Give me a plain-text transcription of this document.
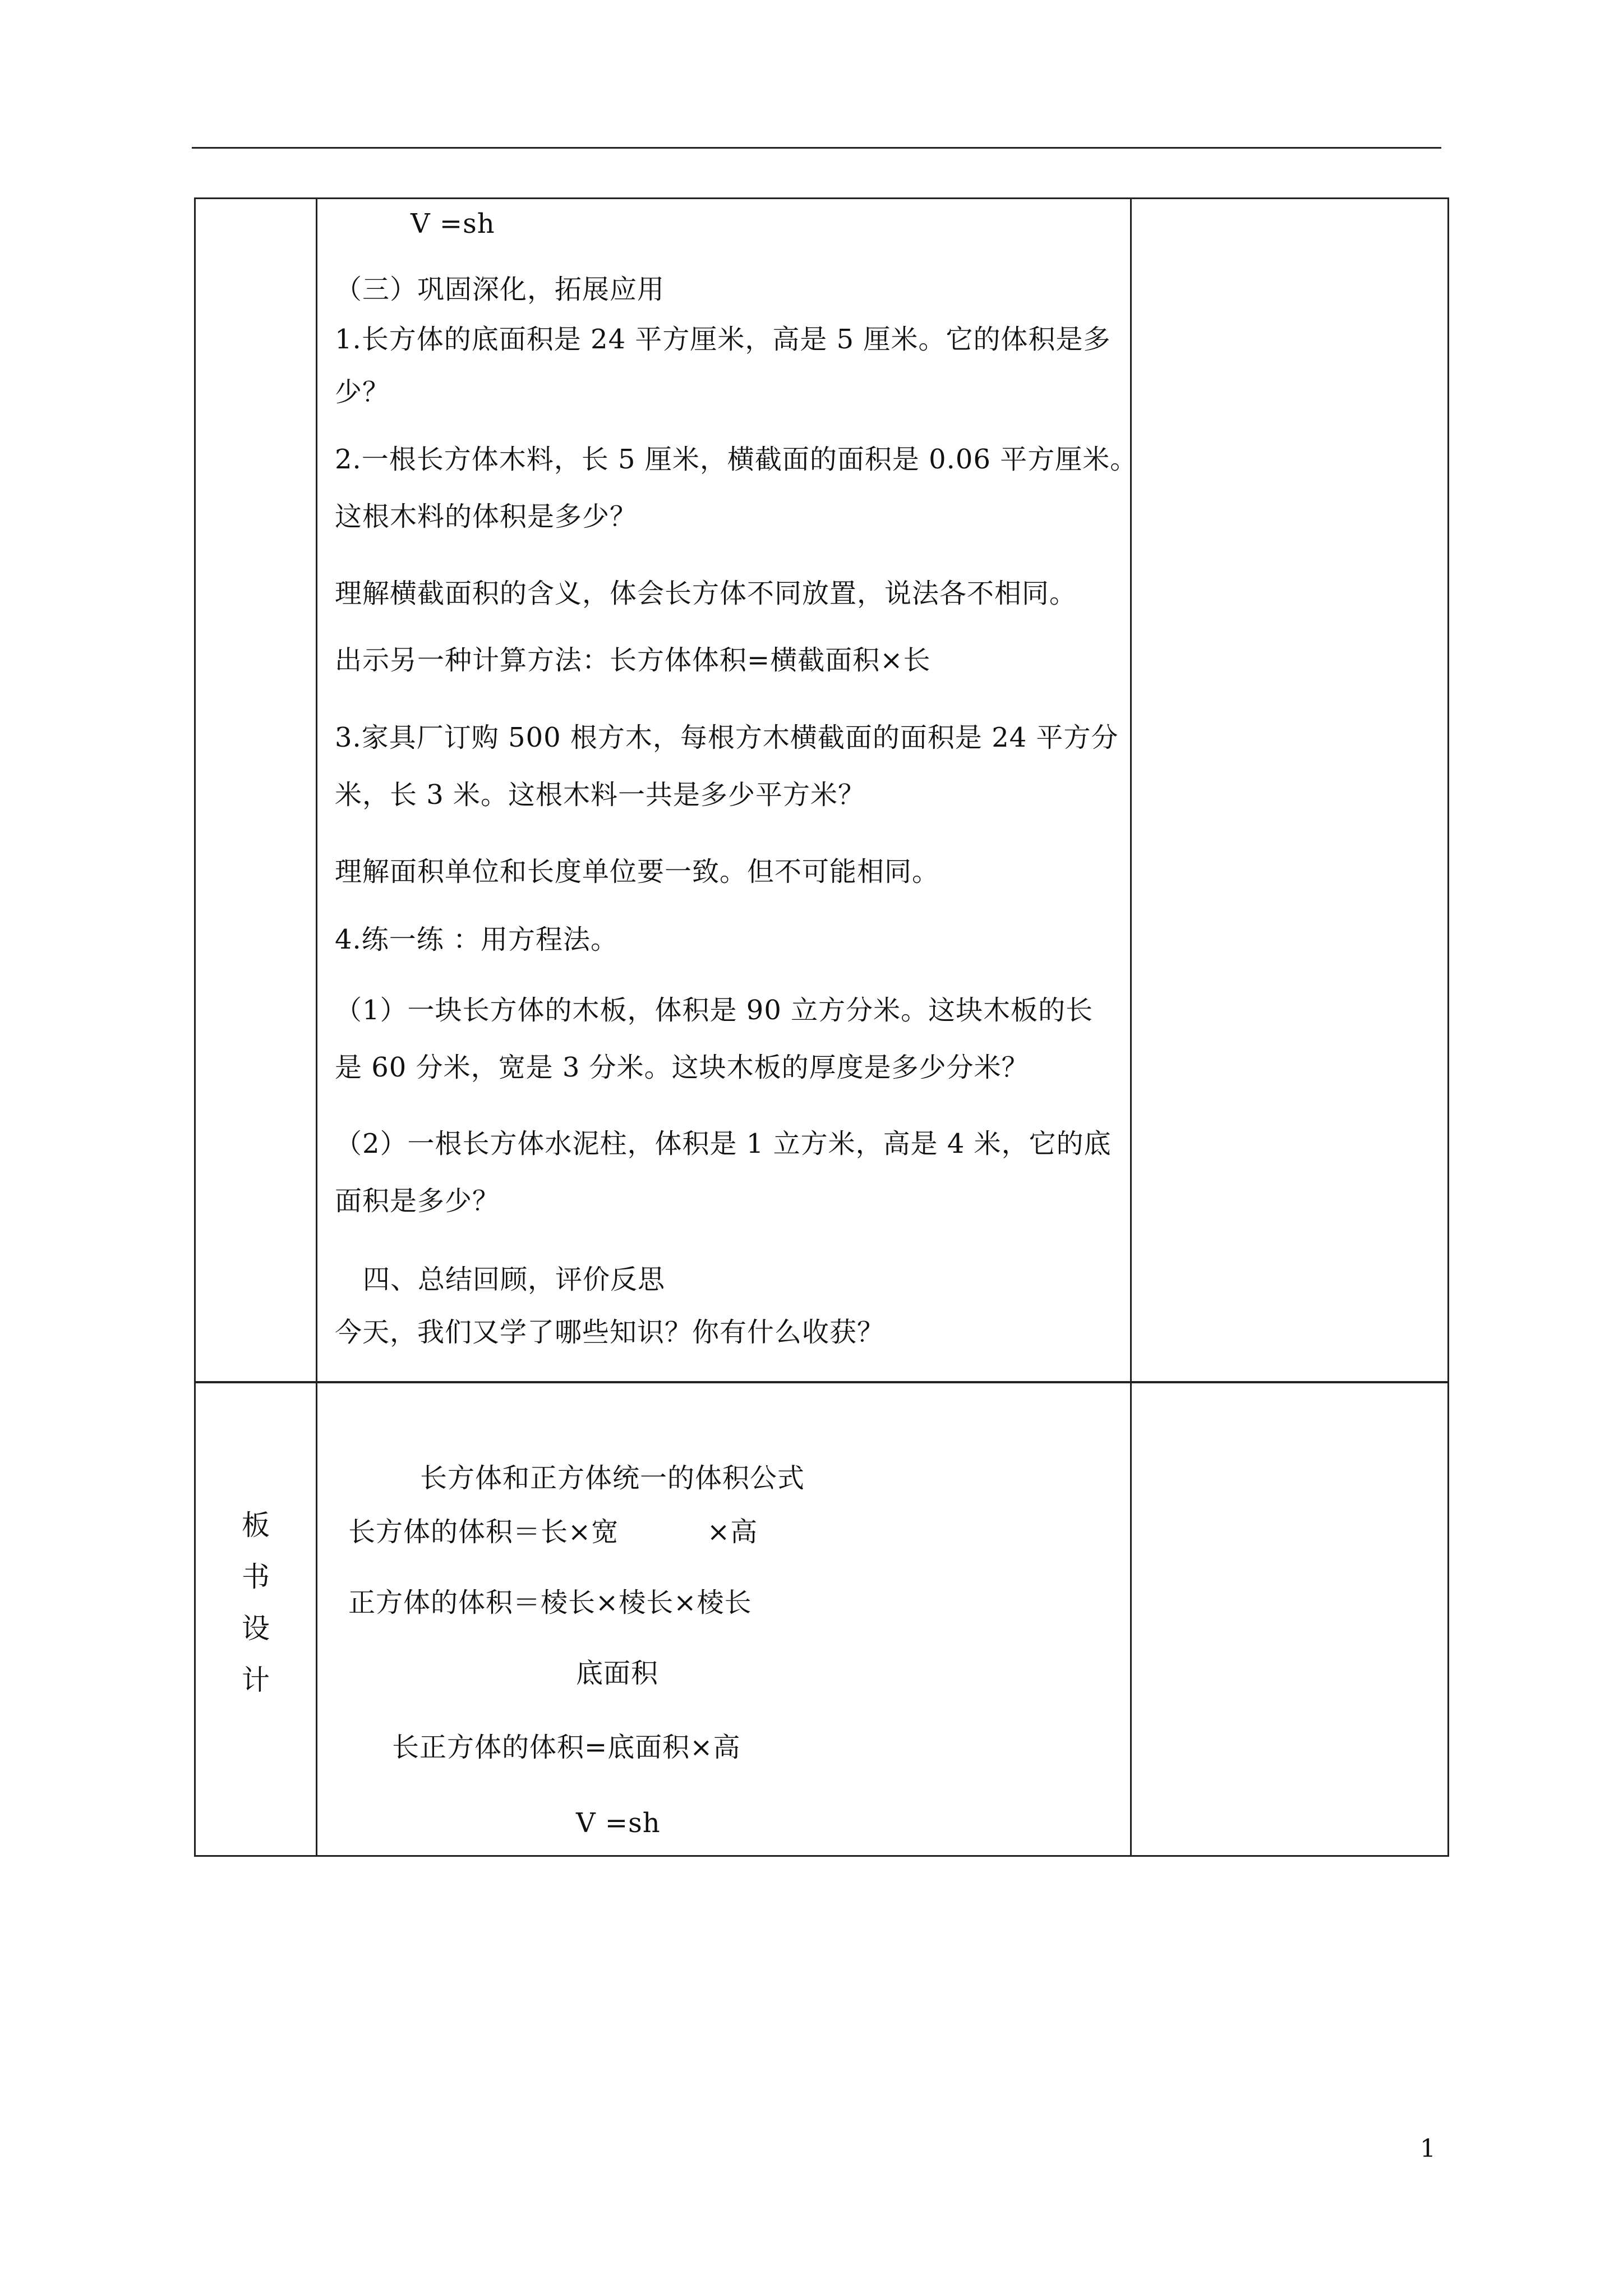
V =sh
（三）巩固深化，拓展应用
1.长方体的底面积是 24 平方厘米，高是 5 厘米。它的体积是多
少？
2.一根长方体木料，长 5 厘米，横截面的面积是 0.06 平方厘米。
这根木料的体积是多少？
理解横截面积的含义，体会长方体不同放置，说法各不相同。
出示另一种计算方法：长方体体积=横截面积×长
3.家具厂订购 500 根方木，每根方木横截面的面积是 24 平方分
米，长 3 米。这根木料一共是多少平方米？
理解面积单位和长度单位要一致。但不可能相同。
4.练一练 ：用方程法。
（1）一块长方体的木板，体积是 90 立方分米。这块木板的长
是 60 分米，宽是 3 分米。这块木板的厚度是多少分米？
（2）一根长方体水泥柱，体积是 1 立方米，高是 4 米，它的底
面积是多少？
四、总结回顾，评价反思
今天，我们又学了哪些知识？你有什么收获？
板
书
设
计
长方体和正方体统一的体积公式
长方体的体积＝长×宽	×高
正方体的体积＝棱长×棱长×棱长
底面积
长正方体的体积=底面积×高
V =sh
1
